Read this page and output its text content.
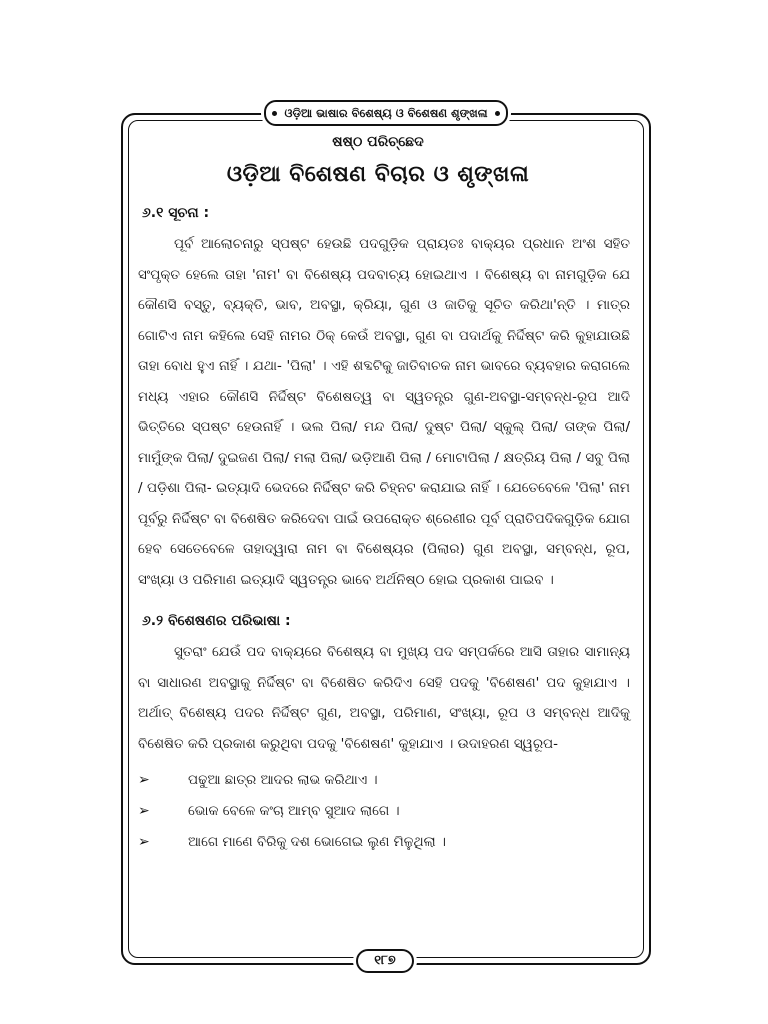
ଓଡ଼ିଆ ଭାଷାର ବିଶେଷ୍ୟ ଓ ବିଶେଷଣ ଶୃଙ୍ଖଳା
ଷଷ୍ଠ ପରିଚ୍ଛେଦ
ଓଡ଼ିଆ ବିଶେଷଣ ବିଚାର ଓ ଶୃଙ୍ଖଳା
୬.୧ ସୂଚନା :

ପୂର୍ବ ଆଲୋଚନାରୁ ସ୍ପଷ୍ଟ ହେଉଛି ପଦଗୁଡ଼ିକ ପ୍ରାୟତଃ ବାକ୍ୟର ପ୍ରଧାନ ଅଂଶ ସହିତ ସଂପୃକ୍ତ ହେଲେ ତାହା 'ନାମ' ବା ବିଶେଷ୍ୟ ପଦବାଚ୍ୟ ହୋଇଥାଏ । ବିଶେଷ୍ୟ ବା ନାମଗୁଡ଼ିକ ଯେ କୌଣସି ବସ୍ତୁ, ବ୍ୟକ୍ତି, ଭାବ, ଅବସ୍ଥା, କ୍ରିୟା, ଗୁଣ ଓ ଜାତିକୁ ସୂଚିତ କରିଥା'ନ୍ତି । ମାତ୍ର ଗୋଟିଏ ନାମ କହିଲେ ସେହି ନାମର ଠିକ୍ କେଉଁ ଅବସ୍ଥା, ଗୁଣ ବା ପଦାର୍ଥକୁ ନିର୍ଦ୍ଦିଷ୍ଟ କରି କୁହାଯାଉଛି ତାହା ବୋଧ ହୁଏ ନାହିଁ । ଯଥା- 'ପିଲା' । ଏହି ଶବ୍ଦଟିକୁ ଜାତିବାଚକ ନାମ ଭାବରେ ବ୍ୟବହାର କରାଗଲେ ମଧ୍ୟ ଏହାର କୌଣସି ନିର୍ଦ୍ଦିଷ୍ଟ ବିଶେଷତ୍ୱ ବା ସ୍ୱତନ୍ତ୍ର ଗୁଣ-ଅବସ୍ଥା-ସମ୍ବନ୍ଧ-ରୂପ ଆଦି ଭିତ୍ତିରେ ସ୍ପଷ୍ଟ ହେଉନାହିଁ । ଭଲ ପିଲା/ ମନ୍ଦ ପିଲା/ ଦୁଷ୍ଟ ପିଲା/ ସ୍କୁଲ୍ ପିଲା/ ତାଙ୍କ ପିଲା/ ମାମୁଁଙ୍କ ପିଲା/ ଦୁଇଜଣ ପିଲା/ ମଲା ପିଲା/ ଭଡ଼ିଆଣି ପିଲା / ମୋଟାପିଲା / କ୍ଷତ୍ରିୟ ପିଲା / ସବୁ ପିଲା / ପଡ଼ିଶା ପିଲା- ଇତ୍ୟାଦି ଭେଦରେ ନିର୍ଦ୍ଦିଷ୍ଟ କରି ଚିହ୍ନଟ କରାଯାଇ ନାହିଁ । ଯେତେବେଳେ 'ପିଲା' ନାମ ପୂର୍ବରୁ ନିର୍ଦ୍ଦିଷ୍ଟ ବା ବିଶେଷିତ କରିଦେବା ପାଇଁ ଉପରୋକ୍ତ ଶ୍ରେଣୀର ପୂର୍ବ ପ୍ରାତିପଦିକଗୁଡ଼ିକ ଯୋଗ ହେବ ସେତେବେଳେ ତାହାଦ୍ୱାରା ନାମ ବା ବିଶେଷ୍ୟର (ପିଲାର) ଗୁଣ ଅବସ୍ଥା, ସମ୍ବନ୍ଧ, ରୂପ, ସଂଖ୍ୟା ଓ ପରିମାଣ ଇତ୍ୟାଦି ସ୍ୱତନ୍ତ୍ର ଭାବେ ଅର୍ଥନିଷ୍ଠ ହୋଇ ପ୍ରକାଶ ପାଇବ ।

୬.୨ ବିଶେଷଣର ପରିଭାଷା :

ସୁତରାଂ ଯେଉଁ ପଦ ବାକ୍ୟରେ ବିଶେଷ୍ୟ ବା ମୁଖ୍ୟ ପଦ ସମ୍ପର୍କରେ ଆସି ତାହାର ସାମାନ୍ୟ ବା ସାଧାରଣ ଅବସ୍ଥାକୁ ନିର୍ଦ୍ଦିଷ୍ଟ ବା ବିଶେଷିତ କରିଦିଏ ସେହି ପଦକୁ 'ବିଶେଷଣ' ପଦ କୁହାଯାଏ । ଅର୍ଥାତ୍ ବିଶେଷ୍ୟ ପଦର ନିର୍ଦ୍ଦିଷ୍ଟ ଗୁଣ, ଅବସ୍ଥା, ପରିମାଣ, ସଂଖ୍ୟା, ରୂପ ଓ ସମ୍ବନ୍ଧ ଆଦିକୁ ବିଶେଷିତ କରି ପ୍ରକାଶ କରୁଥିବା ପଦକୁ 'ବିଶେଷଣ' କୁହାଯାଏ । ଉଦାହରଣ ସ୍ୱରୂପ-

➢	ପଢୁଆ ଛାତ୍ର ଆଦର ଲାଭ କରିଥାଏ ।
➢	ଭୋକ ବେଳେ କଂଚା ଆମ୍ବ ସୁଆଦ ଲାଗେ ।
➢	ଆଗେ ମାଣେ ବିରିକୁ ଦଶ ଭୋଗେଇ ଲୁଣ ମିଳୁଥିଲା ।
୧୮୭
